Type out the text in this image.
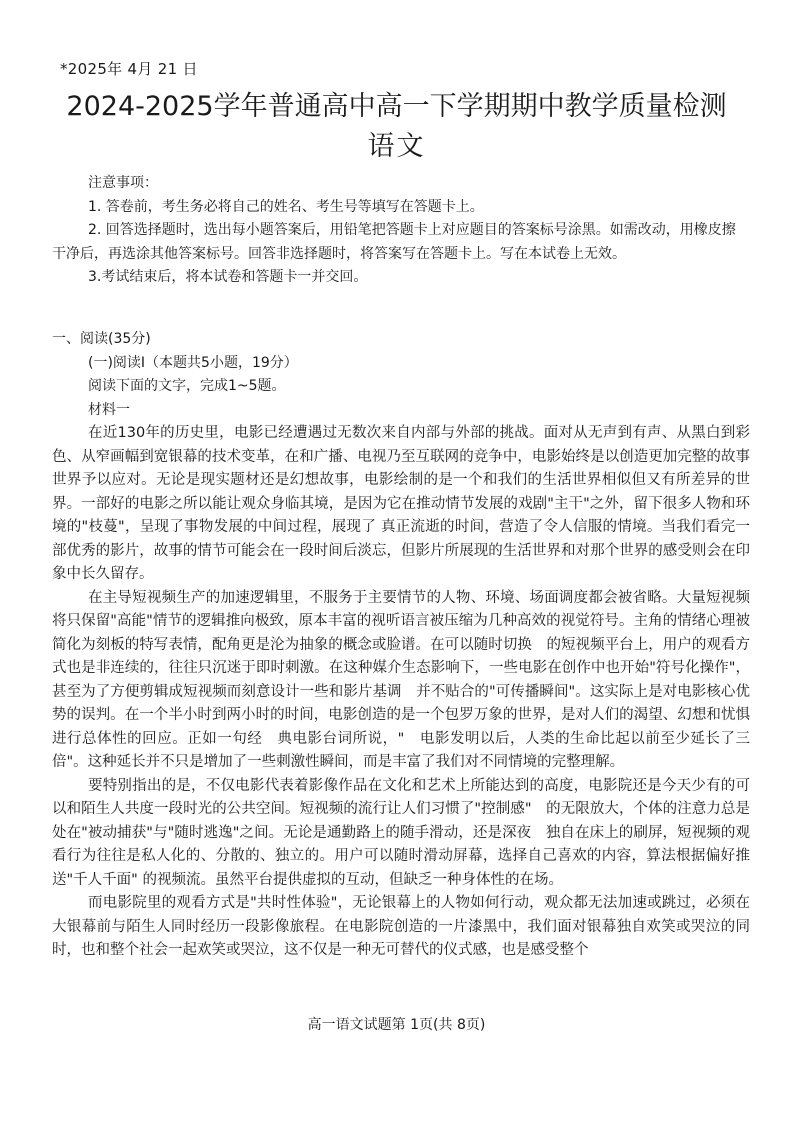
*2025年 4月 21 日
2024-2025学年普通高中高一下学期期中教学质量检测
语文

注意事项：

1. 答卷前，考生务必将自己的姓名、考生号等填写在答题卡上。

2. 回答选择题时，选出每小题答案后，用铅笔把答题卡上对应题目的答案标号涂黑。如需改动，用橡皮擦干净后，再选涂其他答案标号。回答非选择题时，将答案写在答题卡上。写在本试卷上无效。

3.考试结束后，将本试卷和答题卡一并交回。

一、阅读(35分)

(一)阅读Ⅰ（本题共5小题，19分）

阅读下面的文字，完成1~5题。

材料一

在近130年的历史里，电影已经遭遇过无数次来自内部与外部的挑战。面对从无声到有声、从黑白到彩色、从窄画幅到宽银幕的技术变革，在和广播、电视乃至互联网的竞争中，电影始终是以创造更加完整的故事世界予以应对。无论是现实题材还是幻想故事，电影绘制的是一个和我们的生活世界相似但又有所差异的世界。一部好的电影之所以能让观众身临其境，是因为它在推动情节发展的戏剧"主干"之外，留下很多人物和环境的"枝蔓"，呈现了事物发展的中间过程，展现了 真正流逝的时间，营造了令人信服的情境。当我们看完一部优秀的影片，故事的情节可能会在一段时间后淡忘，但影片所展现的生活世界和对那个世界的感受则会在印象中长久留存。

在主导短视频生产的加速逻辑里，不服务于主要情节的人物、环境、场面调度都会被省略。大量短视频将只保留"高能"情节的逻辑推向极致，原本丰富的视听语言被压缩为几种高效的视觉符号。主角的情绪心理被简化为刻板的特写表情，配角更是沦为抽象的概念或脸谱。在可以随时切换　的短视频平台上，用户的观看方式也是非连续的，往往只沉迷于即时刺激。在这种媒介生态影响下，一些电影在创作中也开始"符号化操作"，甚至为了方便剪辑成短视频而刻意设计一些和影片基调　并不贴合的"可传播瞬间"。这实际上是对电影核心优势的误判。在一个半小时到两小时的时间，电影创造的是一个包罗万象的世界，是对人们的渴望、幻想和忧惧进行总体性的回应。正如一句经　典电影台词所说，"　电影发明以后，人类的生命比起以前至少延长了三倍"。这种延长并不只是增加了一些刺激性瞬间，而是丰富了我们对不同情境的完整理解。

要特别指出的是，不仅电影代表着影像作品在文化和艺术上所能达到的高度，电影院还是今天少有的可以和陌生人共度一段时光的公共空间。短视频的流行让人们习惯了"控制感"　的无限放大，个体的注意力总是处在"被动捕获"与"随时逃逸"之间。无论是通勤路上的随手滑动，还是深夜　独自在床上的刷屏，短视频的观看行为往往是私人化的、分散的、独立的。用户可以随时滑动屏幕，选择自己喜欢的内容，算法根据偏好推送"千人千面" 的视频流。虽然平台提供虚拟的互动，但缺乏一种身体性的在场。

而电影院里的观看方式是"共时性体验"，无论银幕上的人物如何行动，观众都无法加速或跳过，必须在大银幕前与陌生人同时经历一段影像旅程。在电影院创造的一片漆黑中，我们面对银幕独自欢笑或哭泣的同时，也和整个社会一起欢笑或哭泣，这不仅是一种无可替代的仪式感，也是感受整个

高一语文试题第 1页(共 8页)
